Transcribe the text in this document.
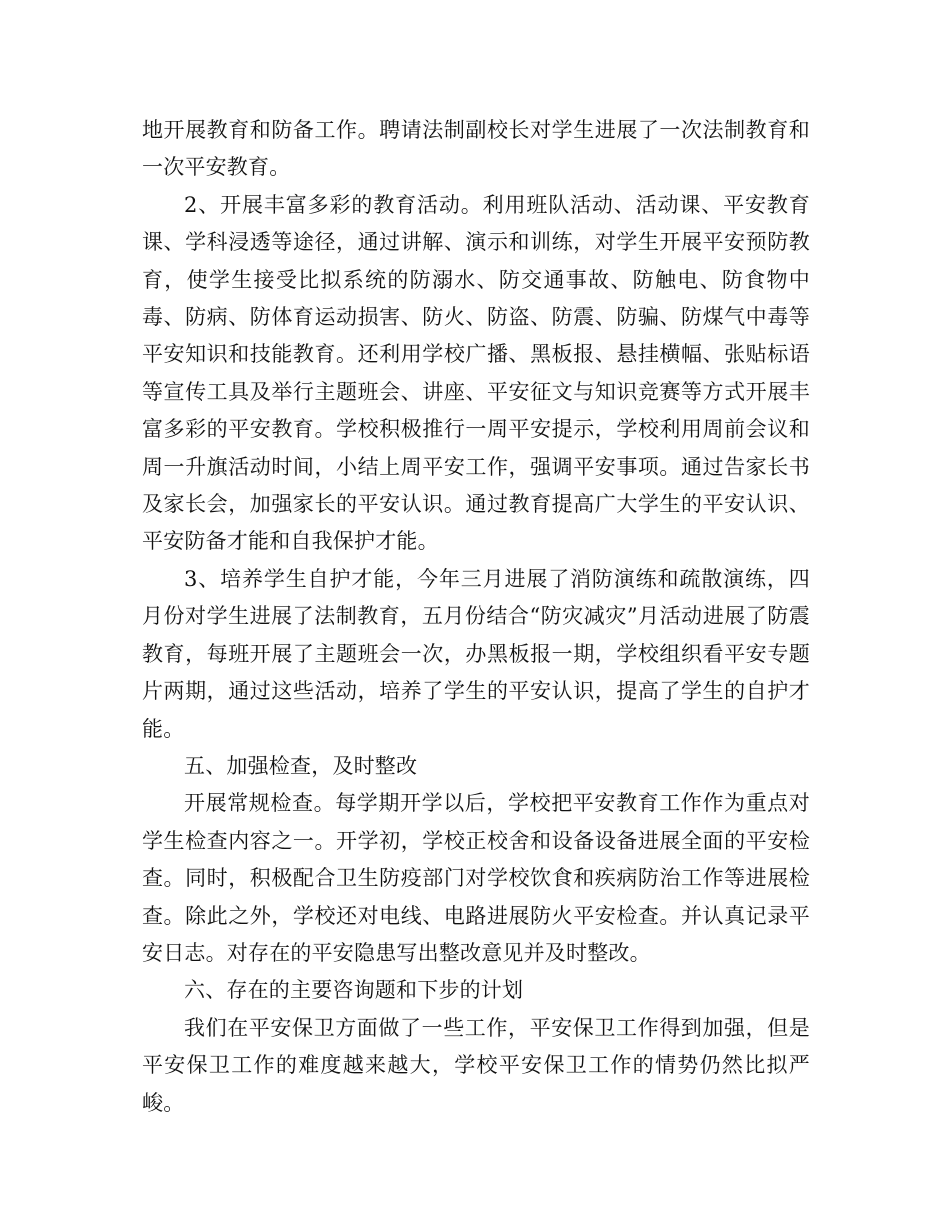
地开展教育和防备工作。聘请法制副校长对学生进展了一次法制教育和一次平安教育。

2、开展丰富多彩的教育活动。利用班队活动、活动课、平安教育课、学科浸透等途径，通过讲解、演示和训练，对学生开展平安预防教育，使学生接受比拟系统的防溺水、防交通事故、防触电、防食物中毒、防病、防体育运动损害、防火、防盗、防震、防骗、防煤气中毒等平安知识和技能教育。还利用学校广播、黑板报、悬挂横幅、张贴标语等宣传工具及举行主题班会、讲座、平安征文与知识竞赛等方式开展丰富多彩的平安教育。学校积极推行一周平安提示，学校利用周前会议和周一升旗活动时间，小结上周平安工作，强调平安事项。通过告家长书及家长会，加强家长的平安认识。通过教育提高广大学生的平安认识、平安防备才能和自我保护才能。

3、培养学生自护才能，今年三月进展了消防演练和疏散演练，四月份对学生进展了法制教育，五月份结合“防灾减灾”月活动进展了防震教育，每班开展了主题班会一次，办黑板报一期，学校组织看平安专题片两期，通过这些活动，培养了学生的平安认识，提高了学生的自护才能。

五、加强检查，及时整改

开展常规检查。每学期开学以后，学校把平安教育工作作为重点对学生检查内容之一。开学初，学校正校舍和设备设备进展全面的平安检查。同时，积极配合卫生防疫部门对学校饮食和疾病防治工作等进展检查。除此之外，学校还对电线、电路进展防火平安检查。并认真记录平安日志。对存在的平安隐患写出整改意见并及时整改。

六、存在的主要咨询题和下步的计划

我们在平安保卫方面做了一些工作，平安保卫工作得到加强，但是平安保卫工作的难度越来越大，学校平安保卫工作的情势仍然比拟严峻。
